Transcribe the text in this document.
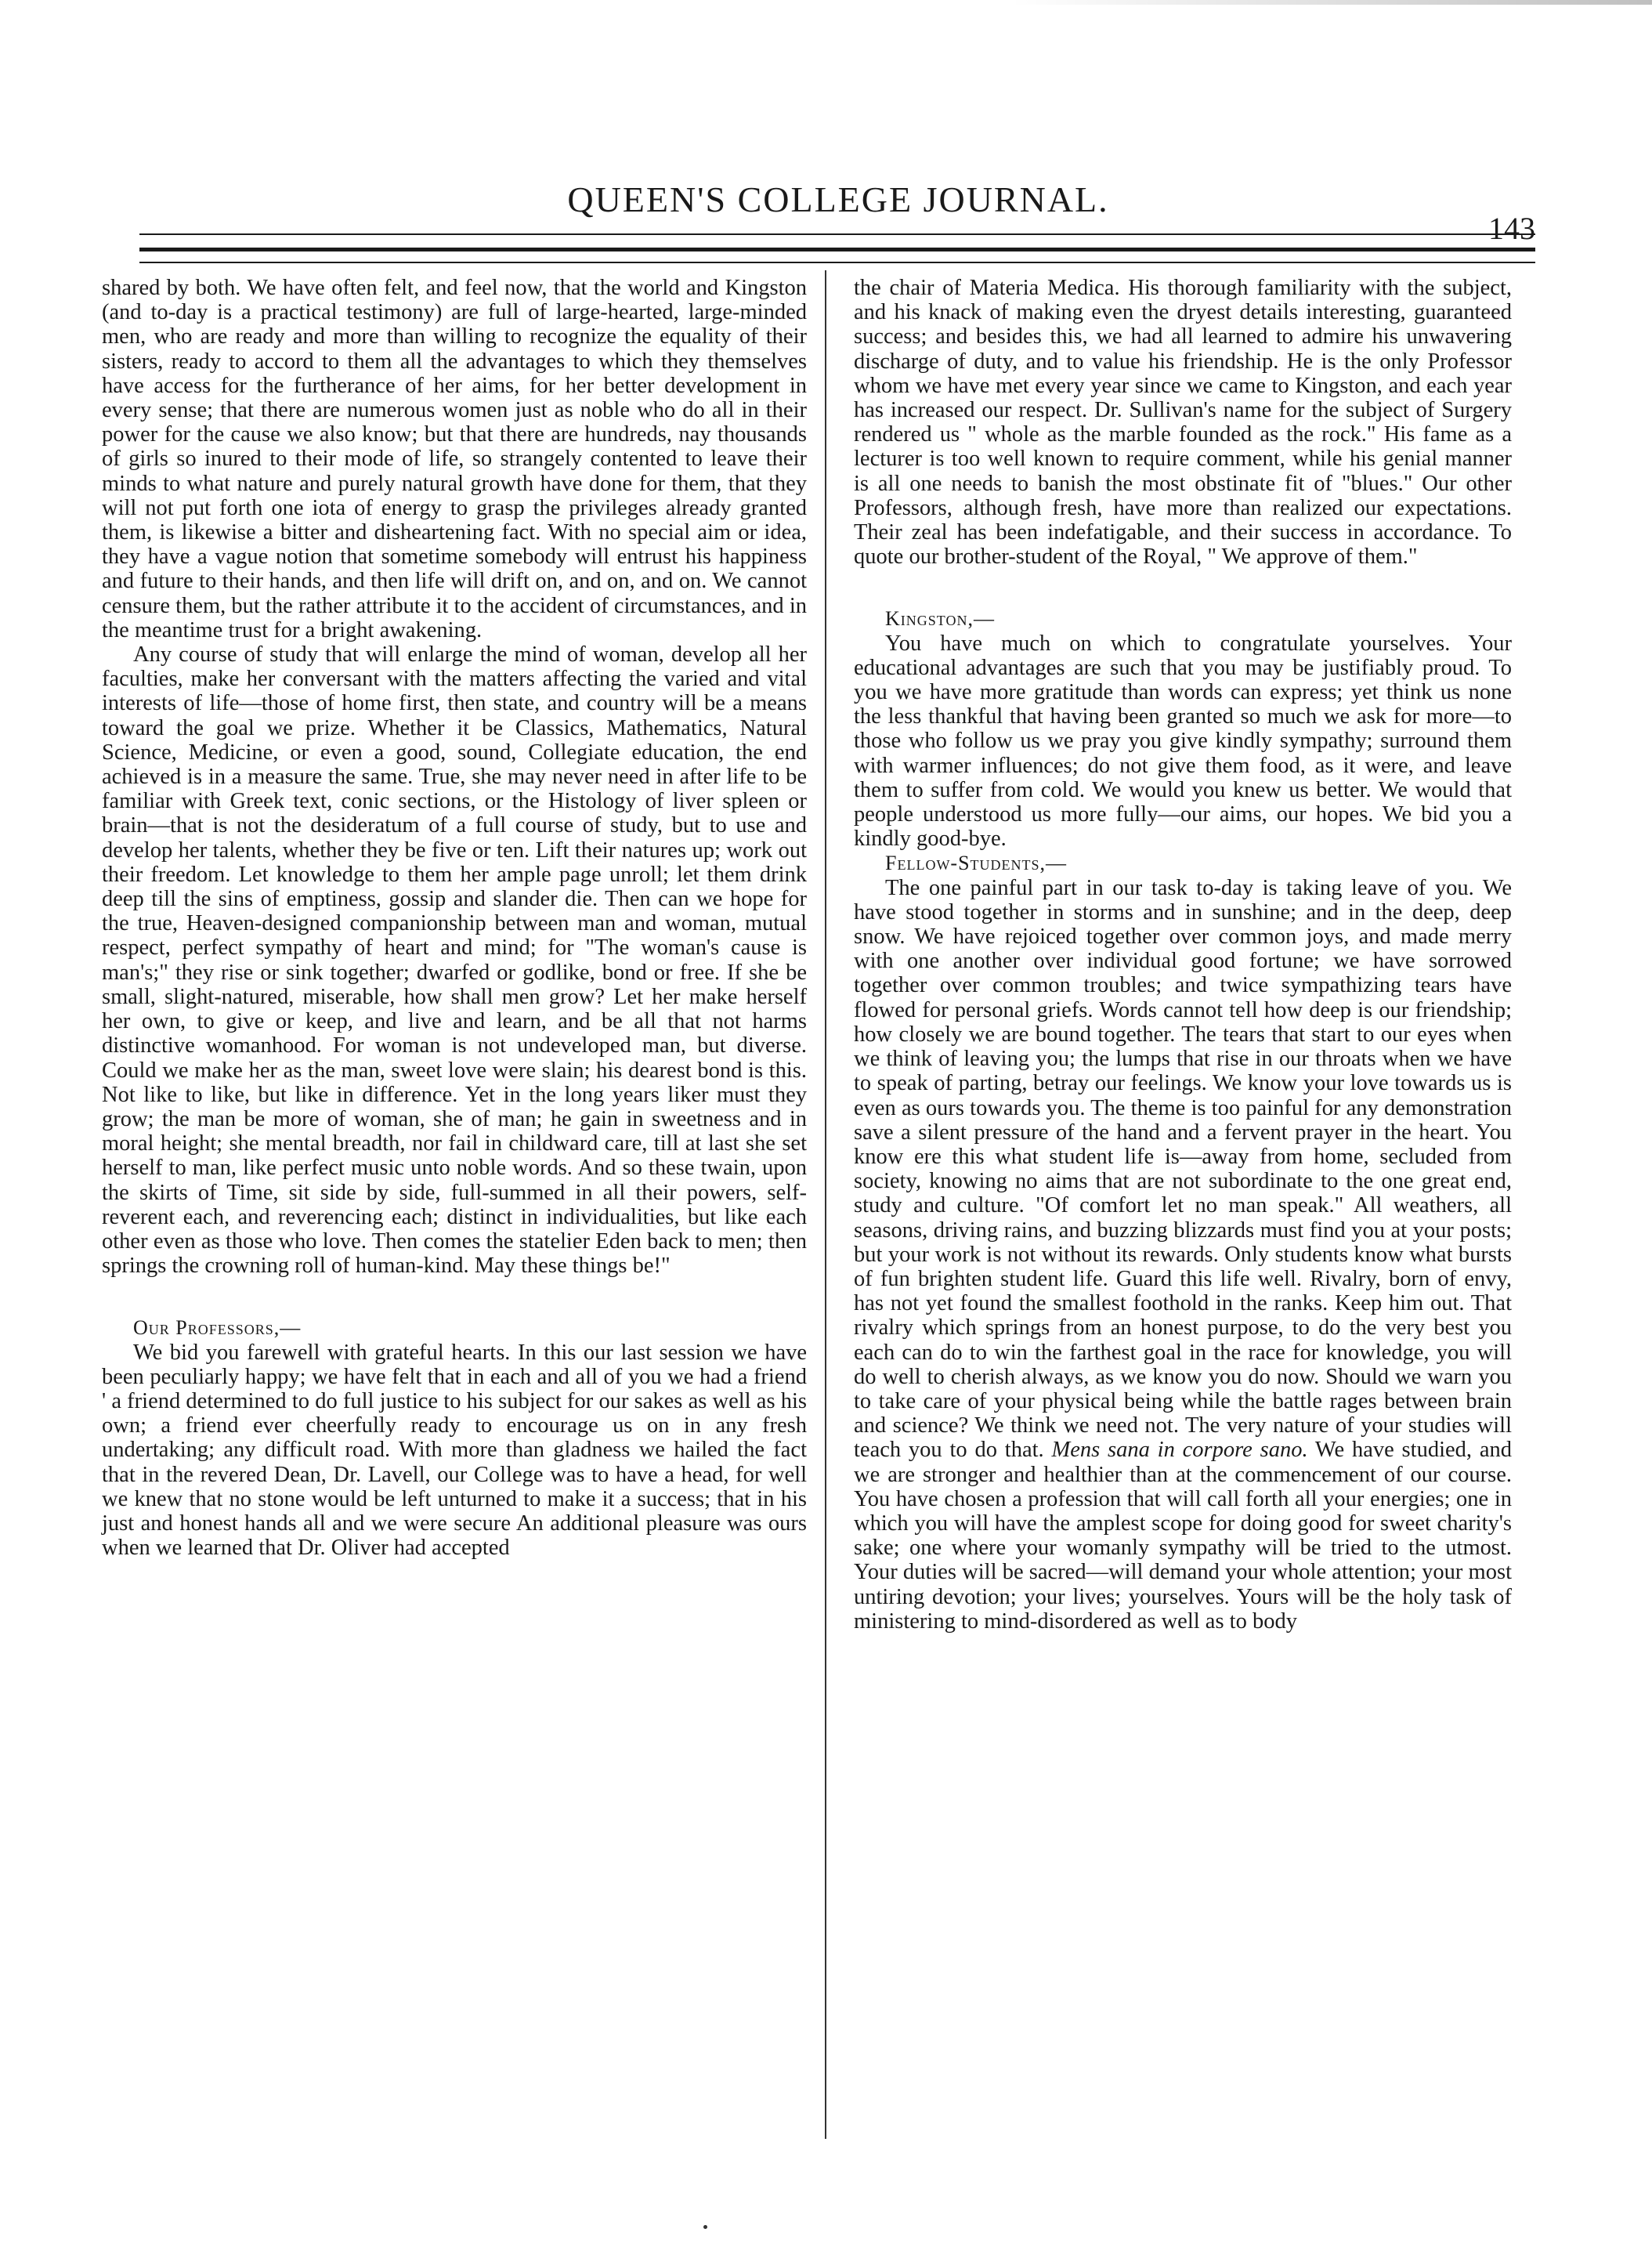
QUEEN'S COLLEGE JOURNAL.
143

shared by both. We have often felt, and feel now, that the world and Kingston (and to-day is a practical testimony) are full of large-hearted, large-minded men, who are ready and more than willing to recognize the equality of their sisters, ready to accord to them all the advantages to which they themselves have access for the furtherance of her aims, for her better development in every sense; that there are numerous women just as noble who do all in their power for the cause we also know; but that there are hundreds, nay thousands of girls so inured to their mode of life, so strangely contented to leave their minds to what nature and purely natural growth have done for them, that they will not put forth one iota of energy to grasp the privileges already granted them, is likewise a bitter and disheartening fact. With no special aim or idea, they have a vague notion that sometime somebody will entrust his happiness and future to their hands, and then life will drift on, and on, and on. We cannot censure them, but the rather attribute it to the accident of circumstances, and in the meantime trust for a bright awakening.

Any course of study that will enlarge the mind of woman, develop all her faculties, make her conversant with the matters affecting the varied and vital interests of life—those of home first, then state, and country will be a means toward the goal we prize. Whether it be Classics, Mathematics, Natural Science, Medicine, or even a good, sound, Collegiate education, the end achieved is in a measure the same. True, she may never need in after life to be familiar with Greek text, conic sections, or the Histology of liver spleen or brain—that is not the desideratum of a full course of study, but to use and develop her talents, whether they be five or ten. Lift their natures up; work out their freedom. Let knowledge to them her ample page unroll; let them drink deep till the sins of emptiness, gossip and slander die. Then can we hope for the true, Heaven-designed companionship between man and woman, mutual respect, perfect sympathy of heart and mind; for "The woman's cause is man's;" they rise or sink together; dwarfed or godlike, bond or free. If she be small, slight-natured, miserable, how shall men grow? Let her make herself her own, to give or keep, and live and learn, and be all that not harms distinctive womanhood. For woman is not undeveloped man, but diverse. Could we make her as the man, sweet love were slain; his dearest bond is this. Not like to like, but like in difference. Yet in the long years liker must they grow; the man be more of woman, she of man; he gain in sweetness and in moral height; she mental breadth, nor fail in childward care, till at last she set herself to man, like perfect music unto noble words. And so these twain, upon the skirts of Time, sit side by side, full-summed in all their powers, self-reverent each, and reverencing each; distinct in individualities, but like each other even as those who love. Then comes the statelier Eden back to men; then springs the crowning roll of human-kind. May these things be!"

Our Professors,—

We bid you farewell with grateful hearts. In this our last session we have been peculiarly happy; we have felt that in each and all of you we had a friend ' a friend determined to do full justice to his subject for our sakes as well as his own; a friend ever cheerfully ready to encourage us on in any fresh undertaking; any difficult road. With more than gladness we hailed the fact that in the revered Dean, Dr. Lavell, our College was to have a head, for well we knew that no stone would be left unturned to make it a success; that in his just and honest hands all and we were secure An additional pleasure was ours when we learned that Dr. Oliver had accepted

the chair of Materia Medica. His thorough familiarity with the subject, and his knack of making even the dryest details interesting, guaranteed success; and besides this, we had all learned to admire his unwavering discharge of duty, and to value his friendship. He is the only Professor whom we have met every year since we came to Kingston, and each year has increased our respect. Dr. Sullivan's name for the subject of Surgery rendered us " whole as the marble founded as the rock." His fame as a lecturer is too well known to require comment, while his genial manner is all one needs to banish the most obstinate fit of "blues." Our other Professors, although fresh, have more than realized our expectations. Their zeal has been indefatigable, and their success in accordance. To quote our brother-student of the Royal, " We approve of them."

Kingston,—

You have much on which to congratulate yourselves. Your educational advantages are such that you may be justifiably proud. To you we have more gratitude than words can express; yet think us none the less thankful that having been granted so much we ask for more—to those who follow us we pray you give kindly sympathy; surround them with warmer influences; do not give them food, as it were, and leave them to suffer from cold. We would you knew us better. We would that people understood us more fully—our aims, our hopes. We bid you a kindly good-bye.

Fellow-Students,—

The one painful part in our task to-day is taking leave of you. We have stood together in storms and in sunshine; and in the deep, deep snow. We have rejoiced together over common joys, and made merry with one another over individual good fortune; we have sorrowed together over common troubles; and twice sympathizing tears have flowed for personal griefs. Words cannot tell how deep is our friendship; how closely we are bound together. The tears that start to our eyes when we think of leaving you; the lumps that rise in our throats when we have to speak of parting, betray our feelings. We know your love towards us is even as ours towards you. The theme is too painful for any demonstration save a silent pressure of the hand and a fervent prayer in the heart. You know ere this what student life is—away from home, secluded from society, knowing no aims that are not subordinate to the one great end, study and culture. "Of comfort let no man speak." All weathers, all seasons, driving rains, and buzzing blizzards must find you at your posts; but your work is not without its rewards. Only students know what bursts of fun brighten student life. Guard this life well. Rivalry, born of envy, has not yet found the smallest foothold in the ranks. Keep him out. That rivalry which springs from an honest purpose, to do the very best you each can do to win the farthest goal in the race for knowledge, you will do well to cherish always, as we know you do now. Should we warn you to take care of your physical being while the battle rages between brain and science? We think we need not. The very nature of your studies will teach you to do that. Mens sana in corpore sano. We have studied, and we are stronger and healthier than at the commencement of our course. You have chosen a profession that will call forth all your energies; one in which you will have the amplest scope for doing good for sweet charity's sake; one where your womanly sympathy will be tried to the utmost. Your duties will be sacred—will demand your whole attention; your most untiring devotion; your lives; yourselves. Yours will be the holy task of ministering to mind-disordered as well as to body
